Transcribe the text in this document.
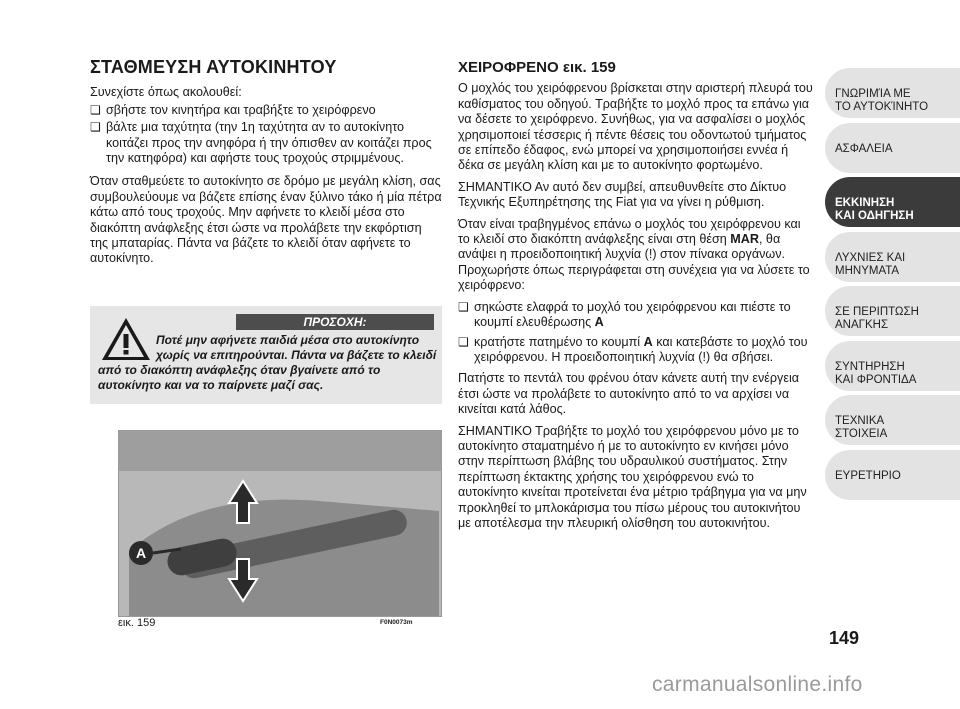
ΣΤΑΘΜΕΥΣΗ ΑΥΤΟΚΙΝΗΤΟΥ

Συνεχίστε όπως ακολουθεί:

❑ σβήστε τον κινητήρα και τραβήξτε το χειρόφρενο
❑ βάλτε μια ταχύτητα (την 1η ταχύτητα αν το αυτοκίνητο κοιτάζει προς την ανηφόρα ή την όπισθεν αν κοιτάζει προς την κατηφόρα) και αφήστε τους τροχούς στριμμένους.

Όταν σταθμεύετε το αυτοκίνητο σε δρόμο με μεγάλη κλίση, σας συμβουλεύουμε να βάζετε επίσης έναν ξύλινο τάκο ή μία πέτρα κάτω από τους τροχούς. Μην αφήνετε το κλειδί μέσα στο διακόπτη ανάφλεξης έτσι ώστε να προλάβετε την εκφόρτιση της μπαταρίας. Πάντα να βάζετε το κλειδί όταν αφήνετε το αυτοκίνητο.

ΠΡΟΣΟΧΗ:
Ποτέ μην αφήνετε παιδιά μέσα στο αυτοκίνητο
χωρίς να επιτηρούνται. Πάντα να βάζετε το κλειδί
από το διακόπτη ανάφλεξης όταν βγαίνετε από το
αυτοκίνητο και να το παίρνετε μαζί σας.
A
εικ. 159	F0N0073m
ΧΕΙΡΟΦΡΕΝΟ εικ. 159

Ο μοχλός του χειρόφρενου βρίσκεται στην αριστερή πλευρά του καθίσματος του οδηγού. Τραβήξτε το μοχλό προς τα επάνω για να δέσετε το χειρόφρενο. Συνήθως, για να ασφαλίσει ο μοχλός χρησιμοποιεί τέσσερις ή πέντε θέσεις του οδοντωτού τμήματος σε επίπεδο έδαφος, ενώ μπορεί να χρησιμοποιήσει εννέα ή δέκα σε μεγάλη κλίση και με το αυτοκίνητο φορτωμένο.

ΣΗΜΑΝΤΙΚΟ Αν αυτό δεν συμβεί, απευθυνθείτε στο Δίκτυο Τεχνικής Εξυπηρέτησης της Fiat για να γίνει η ρύθμιση.

Όταν είναι τραβηγμένος επάνω ο μοχλός του χειρόφρενου και το κλειδί στο διακόπτη ανάφλεξης είναι στη θέση MAR, θα ανάψει η προειδοποιητική λυχνία (!) στον πίνακα οργάνων. Προχωρήστε όπως περιγράφεται στη συνέχεια για να λύσετε το χειρόφρενο:

❑ σηκώστε ελαφρά το μοχλό του χειρόφρενου και πιέστε το κουμπί ελευθέρωσης A
❑ κρατήστε πατημένο το κουμπί A και κατεβάστε το μοχλό του χειρόφρενου. Η προειδοποιητική λυχνία (!) θα σβήσει.

Πατήστε το πεντάλ του φρένου όταν κάνετε αυτή την ενέργεια έτσι ώστε να προλάβετε το αυτοκίνητο από το να αρχίσει να κινείται κατά λάθος.

ΣΗΜΑΝΤΙΚΟ Τραβήξτε το μοχλό του χειρόφρενου μόνο με το αυτοκίνητο σταματημένο ή με το αυτοκίνητο εν κινήσει μόνο στην περίπτωση βλάβης του υδραυλικού συστήματος. Στην περίπτωση έκτακτης χρήσης του χειρόφρενου ενώ το αυτοκίνητο κινείται προτείνεται ένα μέτριο τράβηγμα για να μην προκληθεί το μπλοκάρισμα του πίσω μέρους του αυτοκινήτου με αποτέλεσμα την πλευρική ολίσθηση του αυτοκινήτου.

ΓΝΩΡΙΜΊΑ ΜΕ
ΤΟ ΑΥΤΟΚΊΝΗΤΟ
ΑΣΦΑΛΕΙΑ
ΕΚΚΙΝΗΣΗ
ΚΑΙ ΟΔΗΓΗΣΗ
ΛΥΧΝΙΕΣ ΚΑΙ
ΜΗΝΥΜΑΤΑ
ΣΕ ΠΕΡΙΠΤΩΣΗ
ΑΝΑΓΚΗΣ
ΣΥΝΤΗΡΗΣΗ
ΚΑΙ ΦΡΟΝΤΙΔΑ
ΤΕΧΝΙΚΑ
ΣΤΟΙΧΕΙΑ
ΕΥΡΕΤΗΡΙΟ
149
carmanualsonline.info
